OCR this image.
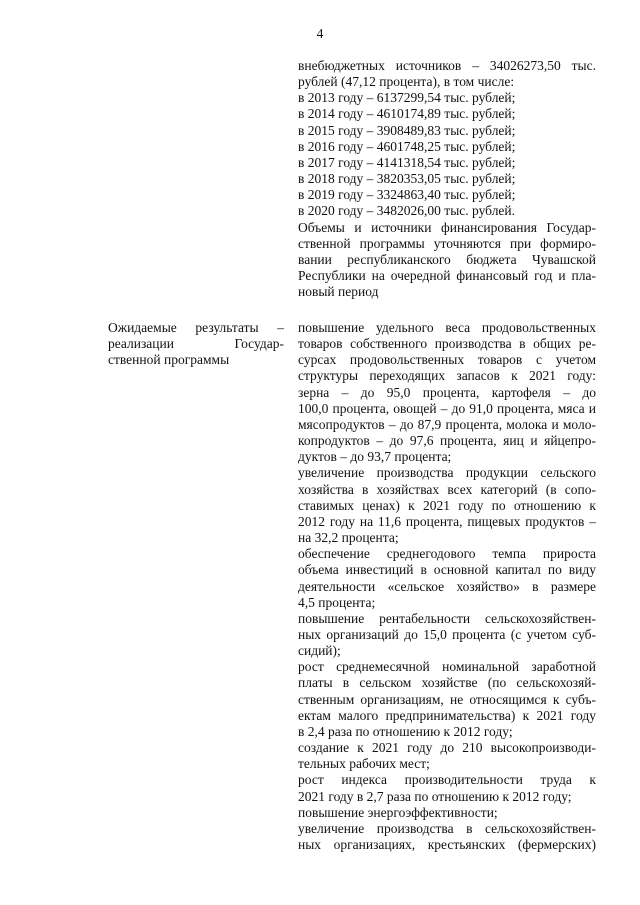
4
внебюджетных источников – 34026273,50 тыс.
рублей (47,12 процента), в том числе:
в 2013 году – 6137299,54 тыс. рублей;
в 2014 году – 4610174,89 тыс. рублей;
в 2015 году – 3908489,83 тыс. рублей;
в 2016 году – 4601748,25 тыс. рублей;
в 2017 году – 4141318,54 тыс. рублей;
в 2018 году – 3820353,05 тыс. рублей;
в 2019 году – 3324863,40 тыс. рублей;
в 2020 году – 3482026,00 тыс. рублей.
Объемы и источники финансирования Государ-
ственной программы уточняются при формиро-
вании республиканского бюджета Чувашской
Республики на очередной финансовый год и пла-
новый период
Ожидаемые результаты –
реализации Государ-
ственной программы
повышение удельного веса продовольственных
товаров собственного производства в общих ре-
сурсах продовольственных товаров с учетом
структуры переходящих запасов к 2021 году:
зерна – до 95,0 процента, картофеля – до
100,0 процента, овощей – до 91,0 процента, мяса и
мясопродуктов – до 87,9 процента, молока и моло-
копродуктов – до 97,6 процента, яиц и яйцепро-
дуктов – до 93,7 процента;
увеличение производства продукции сельского
хозяйства в хозяйствах всех категорий (в сопо-
ставимых ценах) к 2021 году по отношению к
2012 году на 11,6 процента, пищевых продуктов –
на 32,2 процента;
обеспечение среднегодового темпа прироста
объема инвестиций в основной капитал по виду
деятельности «сельское хозяйство» в размере
4,5 процента;
повышение рентабельности сельскохозяйствен-
ных организаций до 15,0 процента (с учетом суб-
сидий);
рост среднемесячной номинальной заработной
платы в сельском хозяйстве (по сельскохозяй-
ственным организациям, не относящимся к субъ-
ектам малого предпринимательства) к 2021 году
в 2,4 раза по отношению к 2012 году;
создание к 2021 году до 210 высокопроизводи-
тельных рабочих мест;
рост индекса производительности труда к
2021 году в 2,7 раза по отношению к 2012 году;
повышение энергоэффективности;
увеличение производства в сельскохозяйствен-
ных организациях, крестьянских (фермерских)
